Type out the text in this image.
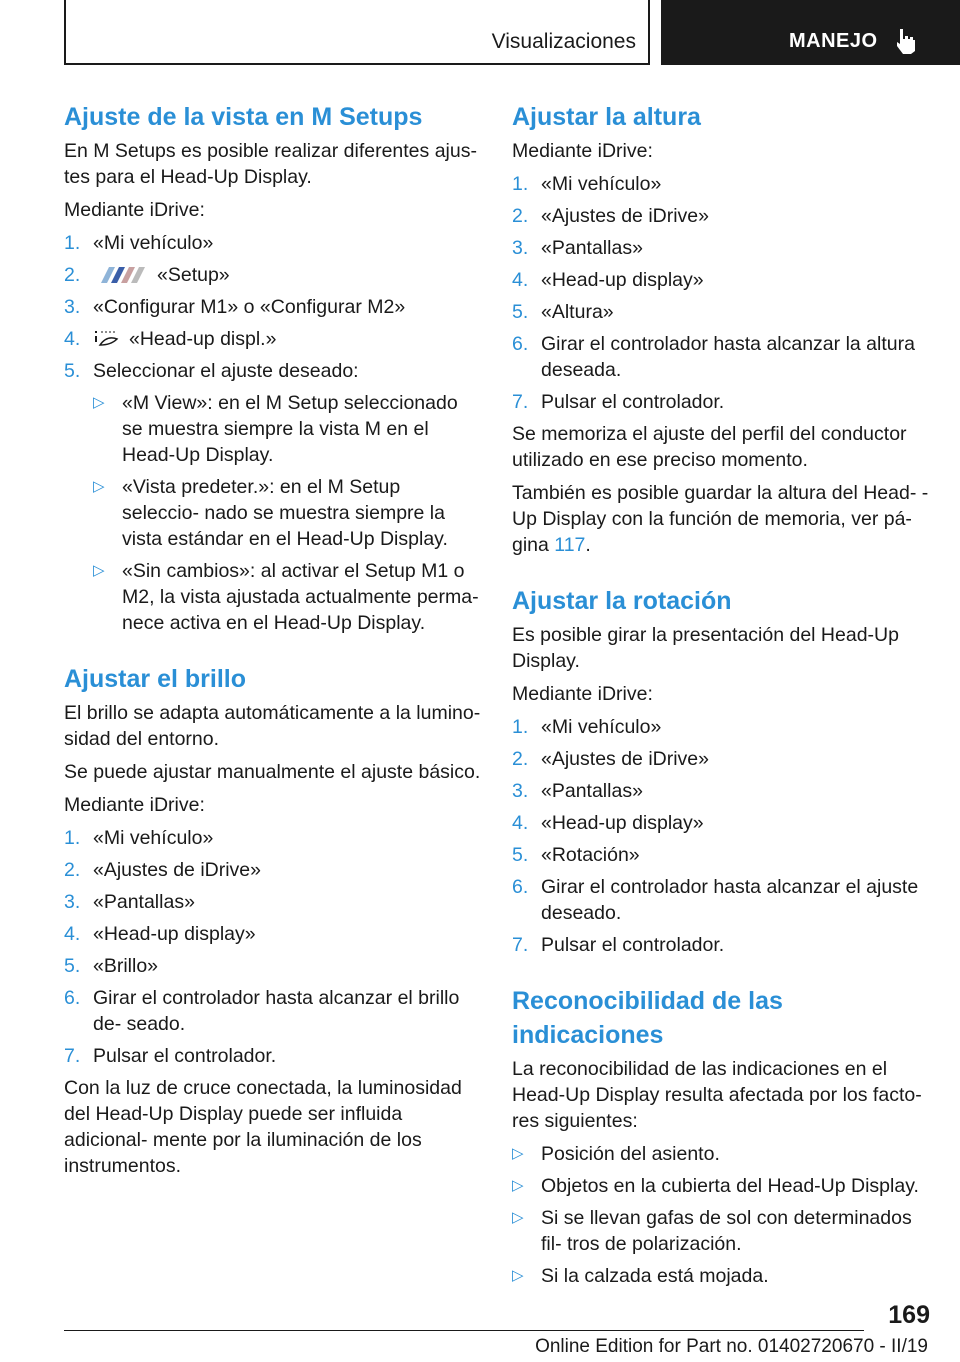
Visualizaciones	MANEJO
Ajuste de la vista en M Setups

En M Setups es posible realizar diferentes ajus‐ tes para el Head-Up Display.

Mediante iDrive:

1. «Mi vehículo»
2.	«Setup»
3. «Configurar M1» o «Configurar M2»
4. «Head-up displ.»
5. Seleccionar el ajuste deseado:
▷ «M View»: en el M Setup seleccionado se muestra siempre la vista M en el Head-Up Display.
▷ «Vista predeter.»: en el M Setup seleccio‐ nado se muestra siempre la vista estándar en el Head-Up Display.
▷ «Sin cambios»: al activar el Setup M1 o M2, la vista ajustada actualmente perma‐ nece activa en el Head-Up Display.
Ajustar el brillo

El brillo se adapta automáticamente a la lumino‐ sidad del entorno.

Se puede ajustar manualmente el ajuste básico.

Mediante iDrive:

1. «Mi vehículo»
2. «Ajustes de iDrive»
3. «Pantallas»
4. «Head-up display»
5. «Brillo»
6. Girar el controlador hasta alcanzar el brillo de‐ seado.
7. Pulsar el controlador.

Con la luz de cruce conectada, la luminosidad del Head-Up Display puede ser influida adicional‐ mente por la iluminación de los instrumentos.

Ajustar la altura

Mediante iDrive:

1. «Mi vehículo»
2. «Ajustes de iDrive»
3. «Pantallas»
4. «Head-up display»
5. «Altura»
6. Girar el controlador hasta alcanzar la altura deseada.
7. Pulsar el controlador.

Se memoriza el ajuste del perfil del conductor utilizado en ese preciso momento.

También es posible guardar la altura del Head- -Up Display con la función de memoria, ver pá‐ gina 117.

Ajustar la rotación

Es posible girar la presentación del Head-Up Display.

Mediante iDrive:

1. «Mi vehículo»
2. «Ajustes de iDrive»
3. «Pantallas»
4. «Head-up display»
5. «Rotación»
6. Girar el controlador hasta alcanzar el ajuste deseado.
7. Pulsar el controlador.
Reconocibilidad de las indicaciones

La reconocibilidad de las indicaciones en el Head-Up Display resulta afectada por los facto‐ res siguientes:

▷ Posición del asiento.
▷ Objetos en la cubierta del Head-Up Display.
▷ Si se llevan gafas de sol con determinados fil‐ tros de polarización.
▷ Si la calzada está mojada.
169
Online Edition for Part no. 01402720670 - II/19
